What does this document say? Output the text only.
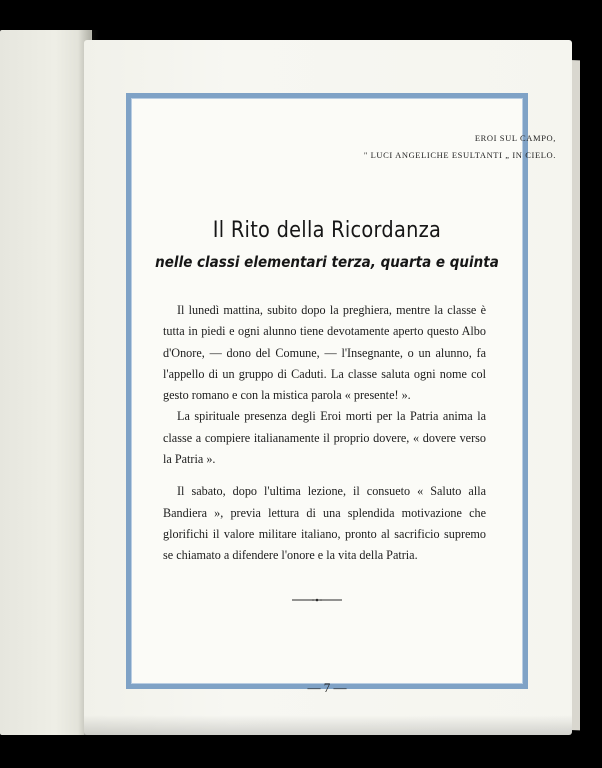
EROI SUL CAMPO,
" LUCI ANGELICHE ESULTANTI „ IN CIELO.
Il Rito della Ricordanza
nelle classi elementari terza, quarta e quinta

Il lunedì mattina, subito dopo la preghiera, mentre la classe è tutta in piedi e ogni alunno tiene devotamente aperto questo Albo d'Onore, — dono del Comune, — l'Insegnante, o un alunno, fa l'appello di un gruppo di Caduti. La classe saluta ogni nome col gesto romano e con la mistica parola « presente! ».

La spirituale presenza degli Eroi morti per la Patria anima la classe a compiere italianamente il proprio dovere, « dovere verso la Patria ».

Il sabato, dopo l'ultima lezione, il consueto « Saluto alla Bandiera », previa lettura di una splendida motivazione che glorifichi il valore militare italiano, pronto al sacrificio supremo se chiamato a difendere l'onore e la vita della Patria.

— 7 —
